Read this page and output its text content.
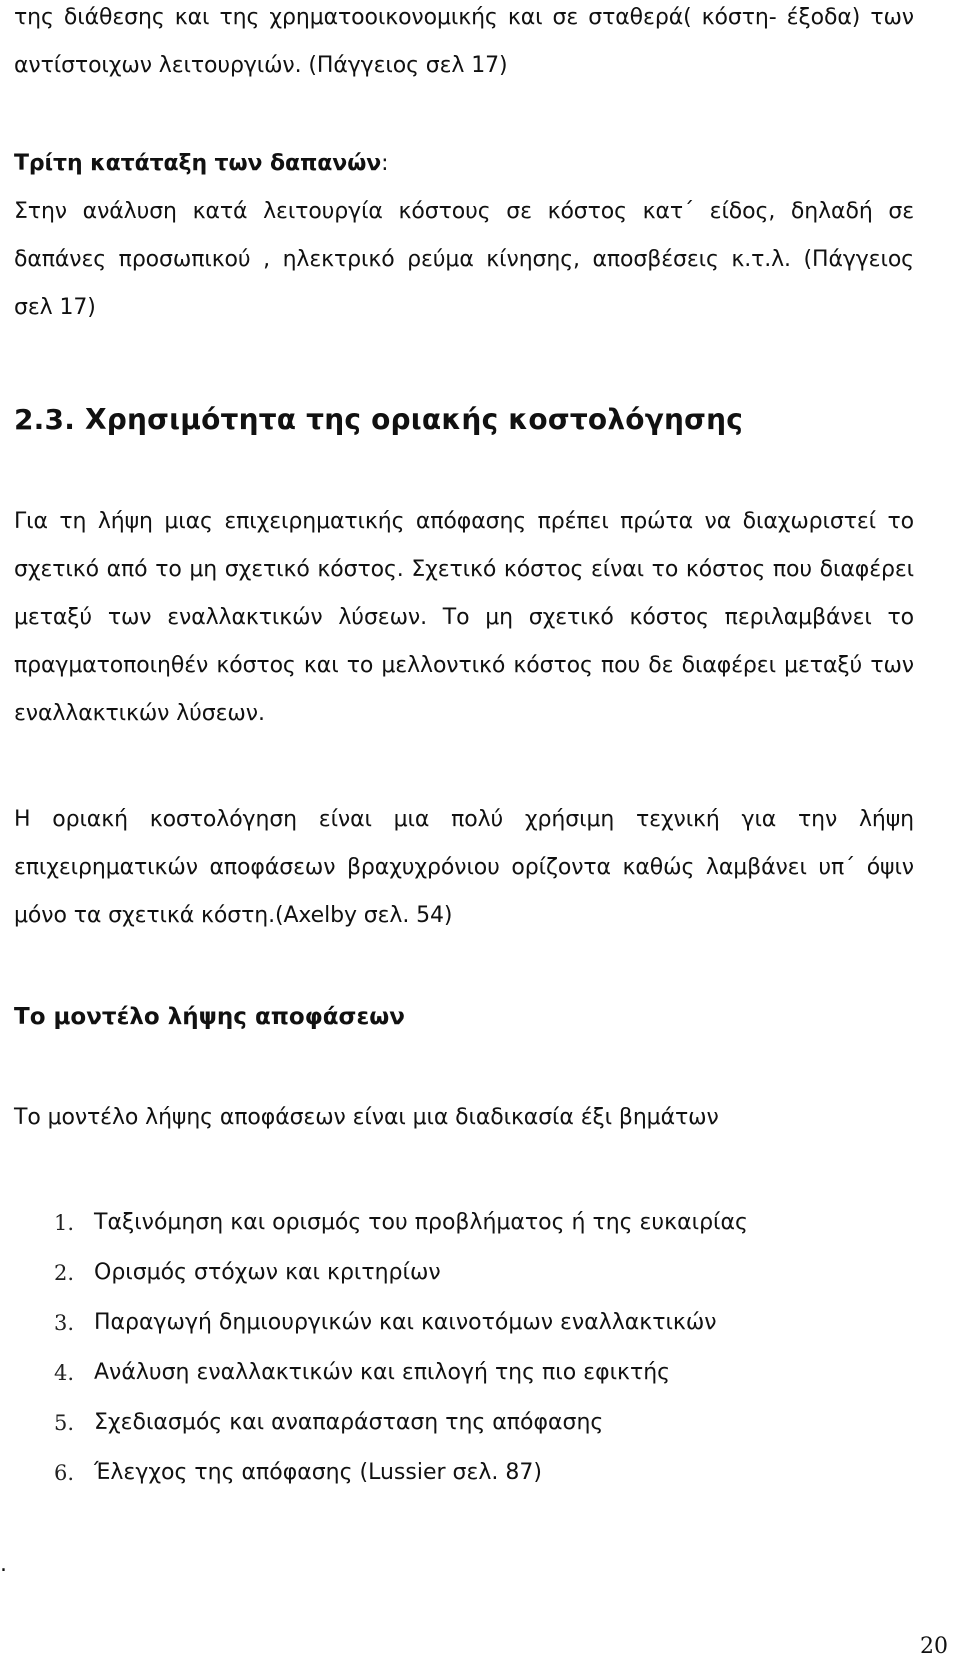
της διάθεσης και της χρηματοοικονομικής και σε σταθερά( κόστη- έξοδα) των αντίστοιχων λειτουργιών. (Πάγγειος σελ 17)

Τρίτη κατάταξη των δαπανών:
Στην ανάλυση κατά λειτουργία κόστους σε κόστος κατ΄ είδος, δηλαδή σε δαπάνες προσωπικού , ηλεκτρικό ρεύμα κίνησης, αποσβέσεις κ.τ.λ. (Πάγγειος σελ 17)

2.3. Χρησιμότητα της οριακής κοστολόγησης

Για τη λήψη μιας επιχειρηματικής απόφασης πρέπει πρώτα να διαχωριστεί το σχετικό από το μη σχετικό κόστος. Σχετικό κόστος είναι το κόστος που διαφέρει μεταξύ των εναλλακτικών λύσεων. Το μη σχετικό κόστος περιλαμβάνει το πραγματοποιηθέν κόστος και το μελλοντικό κόστος που δε διαφέρει μεταξύ των εναλλακτικών λύσεων.

Η οριακή κοστολόγηση είναι μια πολύ χρήσιμη τεχνική για την λήψη επιχειρηματικών αποφάσεων βραχυχρόνιου ορίζοντα καθώς λαμβάνει υπ΄ όψιν μόνο τα σχετικά κόστη.(Axelby σελ. 54)

Το μοντέλο λήψης αποφάσεων

Το μοντέλο λήψης αποφάσεων είναι μια διαδικασία έξι βημάτων

1. Ταξινόμηση και ορισμός του προβλήματος ή της ευκαιρίας
2. Ορισμός στόχων και κριτηρίων
3. Παραγωγή δημιουργικών και καινοτόμων εναλλακτικών
4. Ανάλυση εναλλακτικών και επιλογή της πιο εφικτής
5. Σχεδιασμός και αναπαράσταση της απόφασης
6. Έλεγχος της απόφασης (Lussier σελ. 87)
.
20
